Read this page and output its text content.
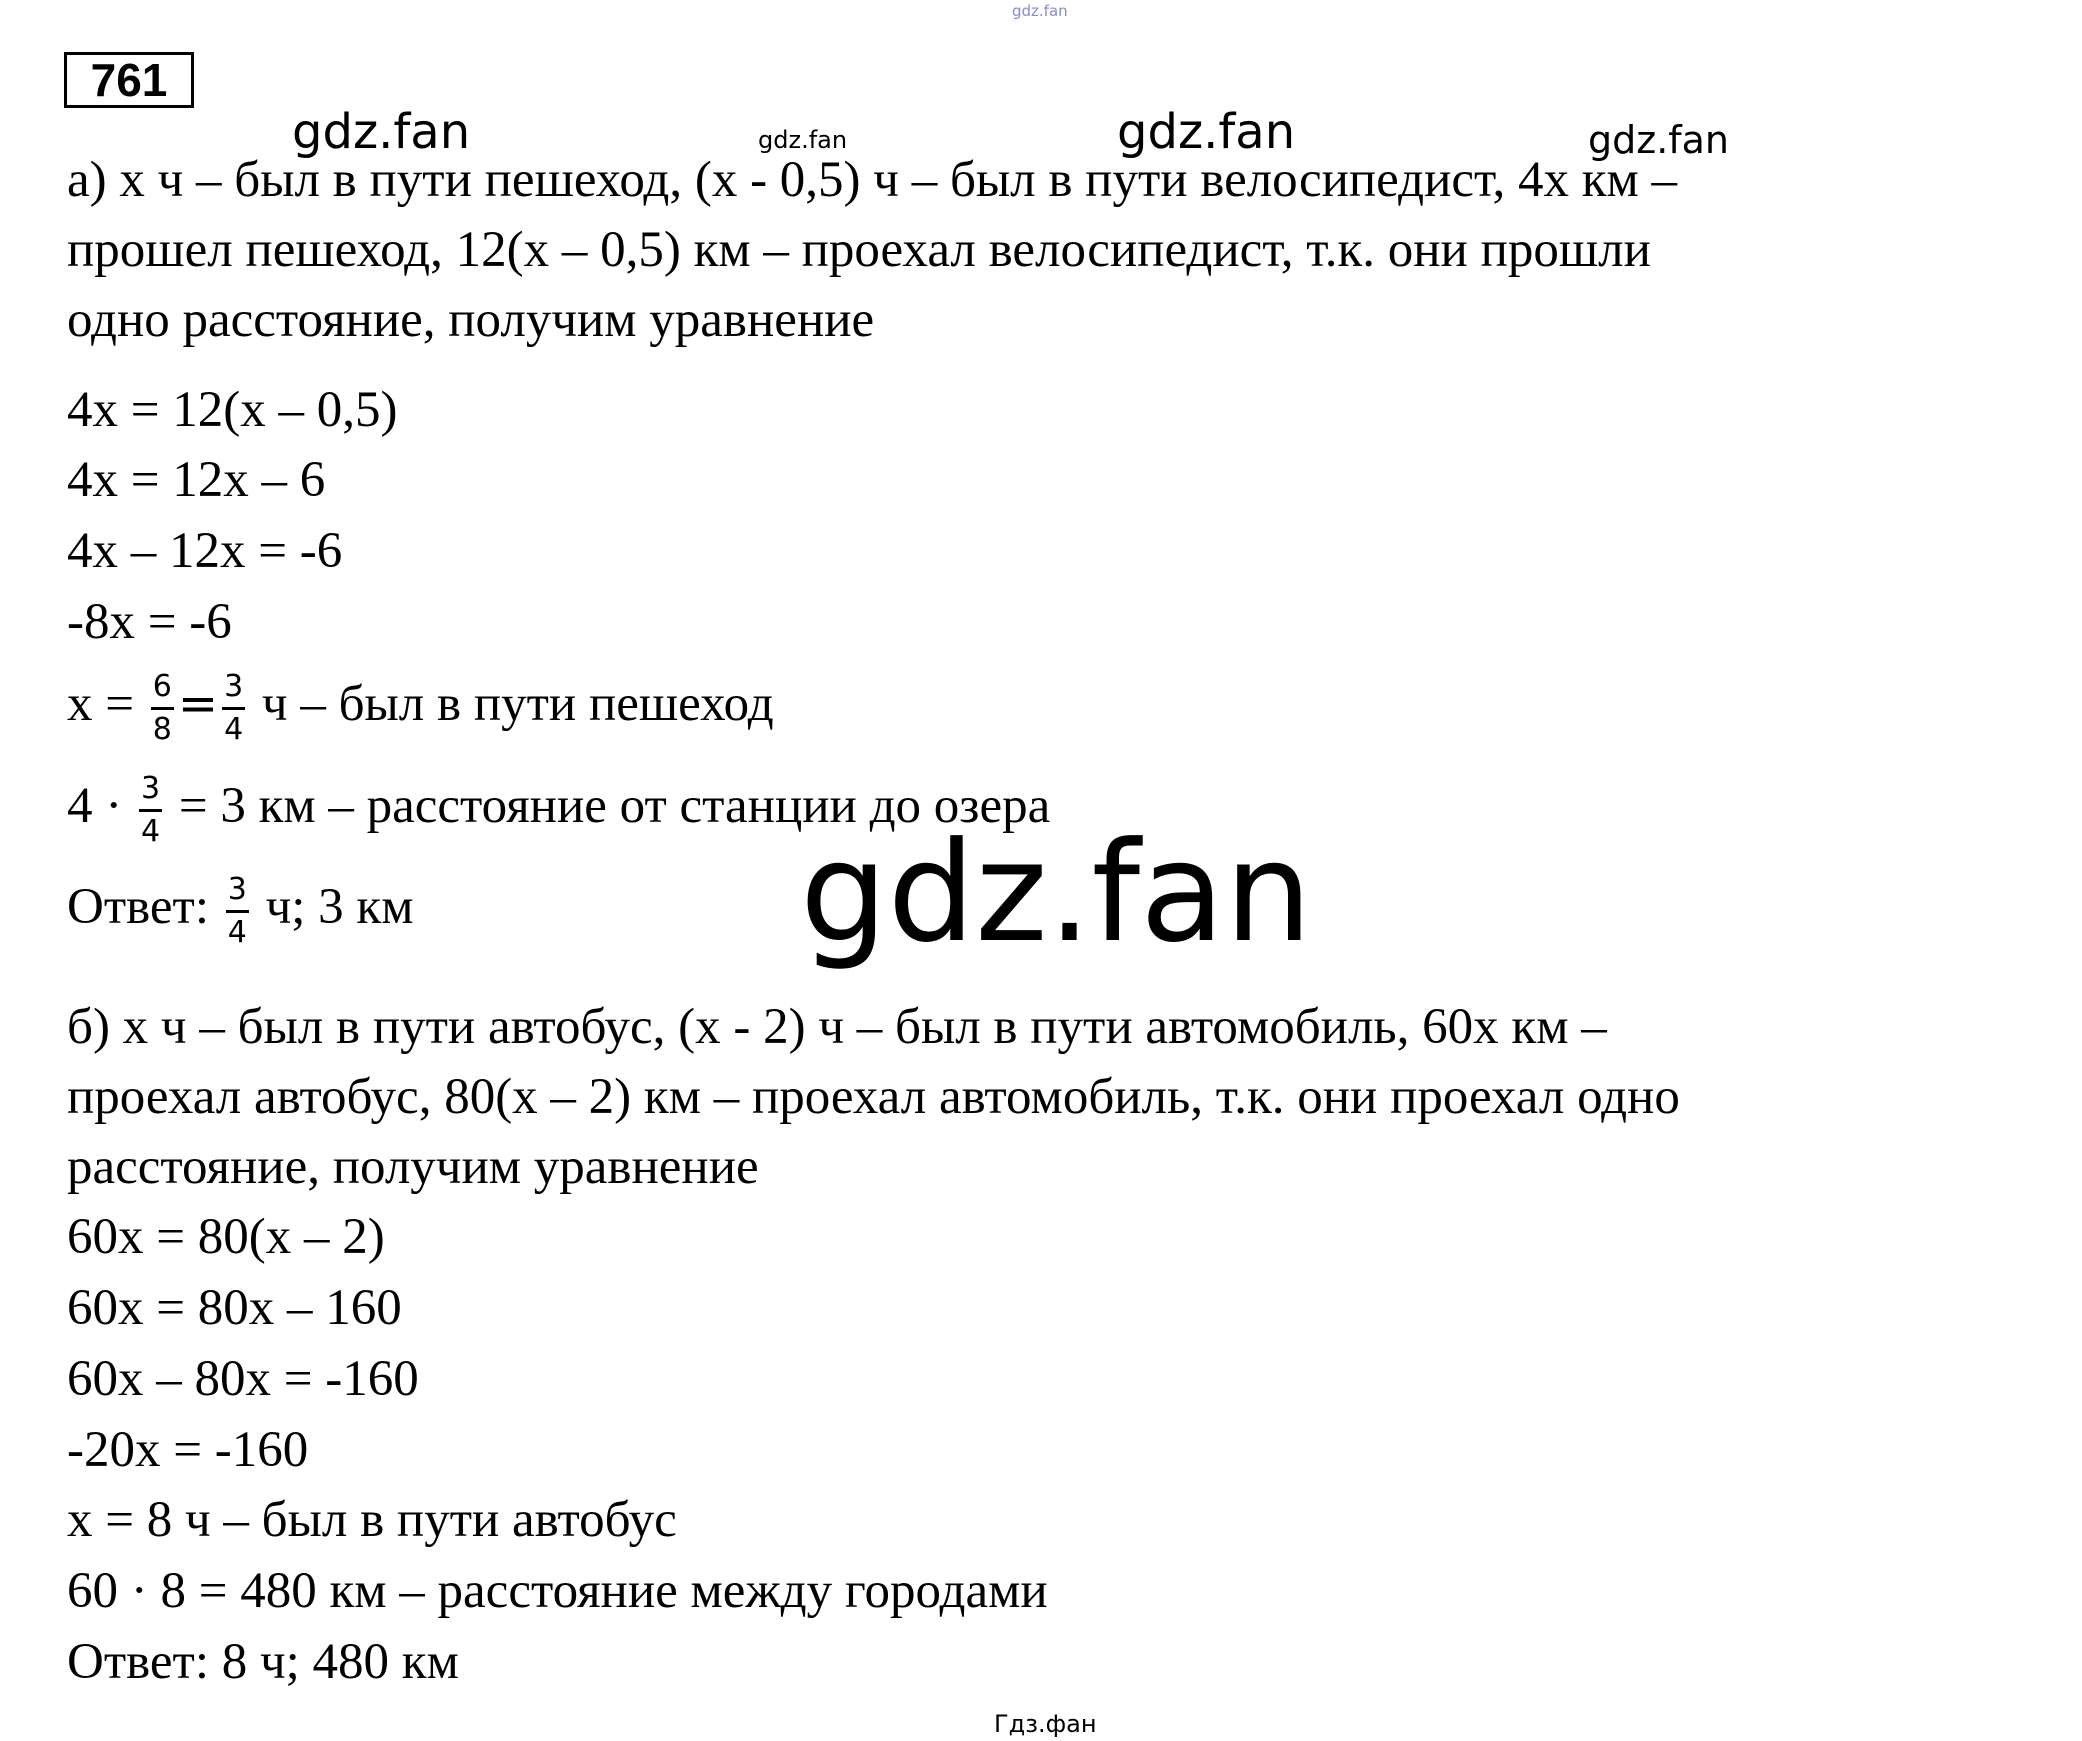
gdz.fan
gdz.fan	gdz.fan	gdz.fan	gdz.fan
761
а) х ч – был в пути пешеход, (х - 0,5) ч – был в пути велосипедист, 4х км –
прошел пешеход, 12(х – 0,5) км – проехал велосипедист, т.к. они прошли
одно расстояние, получим уравнение
4х = 12(х – 0,5)
4х = 12х – 6
4х – 12х = -6
-8х = -6
$х = \frac{6}{8} = \frac{3}{4}$ ч – был в пути пешеход
$4 \cdot \frac{3}{4} = 3$ км – расстояние от станции до озера
Ответ: $\frac{3}{4} ч$; 3 км	gdz.fan
б) х ч – был в пути автобус, (х - 2) ч – был в пути автомобиль, 60х км –
проехал автобус, 80(х – 2) км – проехал автомобиль, т.к. они проехал одно
расстояние, получим уравнение
60х = 80(х – 2)
60х = 80х – 160
60х – 80х = -160
-20х = -160
х = 8 ч – был в пути автобус
60 · 8 = 480 км – расстояние между городами
Ответ: 8 ч; 480 км
Гдз.фан
